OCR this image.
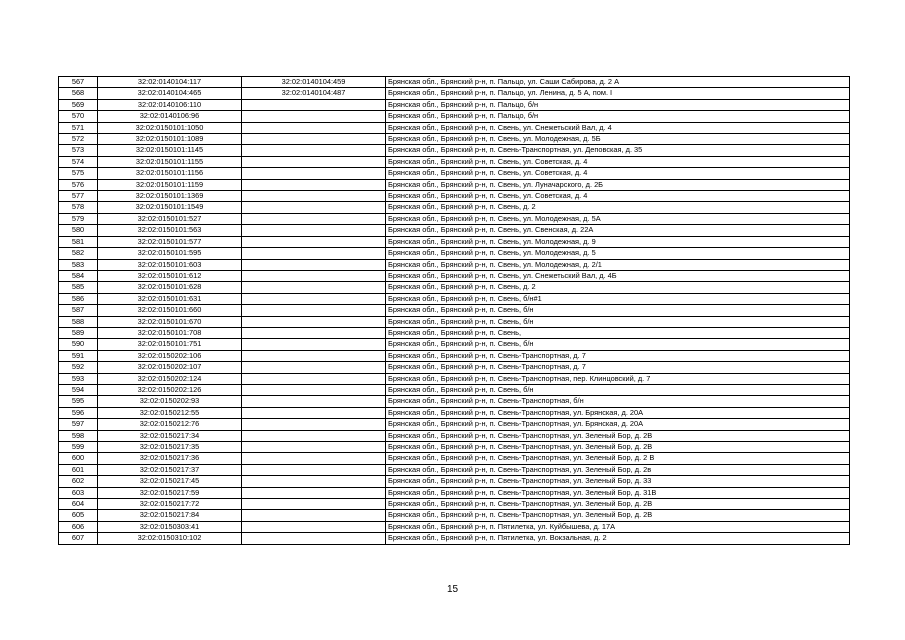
567	32:02:0140104:117	32:02:0140104:459	Брянская обл., Брянский р-н, п. Пальцо, ул. Саши Сабирова, д. 2 А
568	32:02:0140104:465	32:02:0140104:487	Брянская обл., Брянский р-н, п. Пальцо, ул. Ленина, д. 5 А, пом. I
569	32:02:0140106:110		Брянская обл., Брянский р-н, п. Пальцо, б/н
570	32:02:0140106:96		Брянская обл., Брянский р-н, п. Пальцо, б/н
571	32:02:0150101:1050		Брянская обл., Брянский р-н, п. Свень, ул. Снежетьский Вал, д. 4
572	32:02:0150101:1089		Брянская обл., Брянский р-н, п. Свень, ул. Молодежная, д. 5Б
573	32:02:0150101:1145		Брянская обл., Брянский р-н, п. Свень-Транспортная, ул. Деповская, д. 35
574	32:02:0150101:1155		Брянская обл., Брянский р-н, п. Свень, ул. Советская, д. 4
575	32:02:0150101:1156		Брянская обл., Брянский р-н, п. Свень, ул. Советская, д. 4
576	32:02:0150101:1159		Брянская обл., Брянский р-н, п. Свень, ул. Луначарского, д. 2Б
577	32:02:0150101:1369		Брянская обл., Брянский р-н, п. Свень, ул. Советская, д. 4
578	32:02:0150101:1549		Брянская обл., Брянский р-н, п. Свень, д. 2
579	32:02:0150101:527		Брянская обл., Брянский р-н, п. Свень, ул. Молодежная, д. 5А
580	32:02:0150101:563		Брянская обл., Брянский р-н, п. Свень, ул. Свенская, д. 22А
581	32:02:0150101:577		Брянская обл., Брянский р-н, п. Свень, ул. Молодежная, д. 9
582	32:02:0150101:595		Брянская обл., Брянский р-н, п. Свень, ул. Молодежная, д. 5
583	32:02:0150101:603		Брянская обл., Брянский р-н, п. Свень, ул. Молодежная, д. 2/1
584	32:02:0150101:612		Брянская обл., Брянский р-н, п. Свень, ул. Снежетьский Вал, д. 4Б
585	32:02:0150101:628		Брянская обл., Брянский р-н, п. Свень, д. 2
586	32:02:0150101:631		Брянская обл., Брянский р-н, п. Свень, б/н#1
587	32:02:0150101:660		Брянская обл., Брянский р-н, п. Свень, б/н
588	32:02:0150101:670		Брянская обл., Брянский р-н, п. Свень, б/н
589	32:02:0150101:708		Брянская обл., Брянский р-н, п. Свень,
590	32:02:0150101:751		Брянская обл., Брянский р-н, п. Свень, б/н
591	32:02:0150202:106		Брянская обл., Брянский р-н, п. Свень-Транспортная, д. 7
592	32:02:0150202:107		Брянская обл., Брянский р-н, п. Свень-Транспортная, д. 7
593	32:02:0150202:124		Брянская обл., Брянский р-н, п. Свень-Транспортная, пер. Клинцовский, д. 7
594	32:02:0150202:126		Брянская обл., Брянский р-н, п. Свень, б/н
595	32:02:0150202:93		Брянская обл., Брянский р-н, п. Свень-Транспортная, б/н
596	32:02:0150212:55		Брянская обл., Брянский р-н, п. Свень-Транспортная, ул. Брянская, д. 20А
597	32:02:0150212:76		Брянская обл., Брянский р-н, п. Свень-Транспортная, ул. Брянская, д. 20А
598	32:02:0150217:34		Брянская обл., Брянский р-н, п. Свень-Транспортная, ул. Зеленый Бор, д. 2В
599	32:02:0150217:35		Брянская обл., Брянский р-н, п. Свень-Транспортная, ул. Зеленый Бор, д. 2В
600	32:02:0150217:36		Брянская обл., Брянский р-н, п. Свень-Транспортная, ул. Зеленый Бор, д. 2 В
601	32:02:0150217:37		Брянская обл., Брянский р-н, п. Свень-Транспортная, ул. Зеленый Бор, д. 2в
602	32:02:0150217:45		Брянская обл., Брянский р-н, п. Свень-Транспортная, ул. Зеленый Бор, д. 33
603	32:02:0150217:59		Брянская обл., Брянский р-н, п. Свень-Транспортная, ул. Зеленый Бор, д. 31В
604	32:02:0150217:72		Брянская обл., Брянский р-н, п. Свень-Транспортная, ул. Зеленый Бор, д. 2В
605	32:02:0150217:84		Брянская обл., Брянский р-н, п. Свень-Транспортная, ул. Зеленый Бор, д. 2В
606	32:02:0150303:41		Брянская обл., Брянский р-н, п. Пятилетка, ул. Куйбышева, д. 17А
607	32:02:0150310:102		Брянская обл., Брянский р-н, п. Пятилетка, ул. Вокзальная, д. 2
15
